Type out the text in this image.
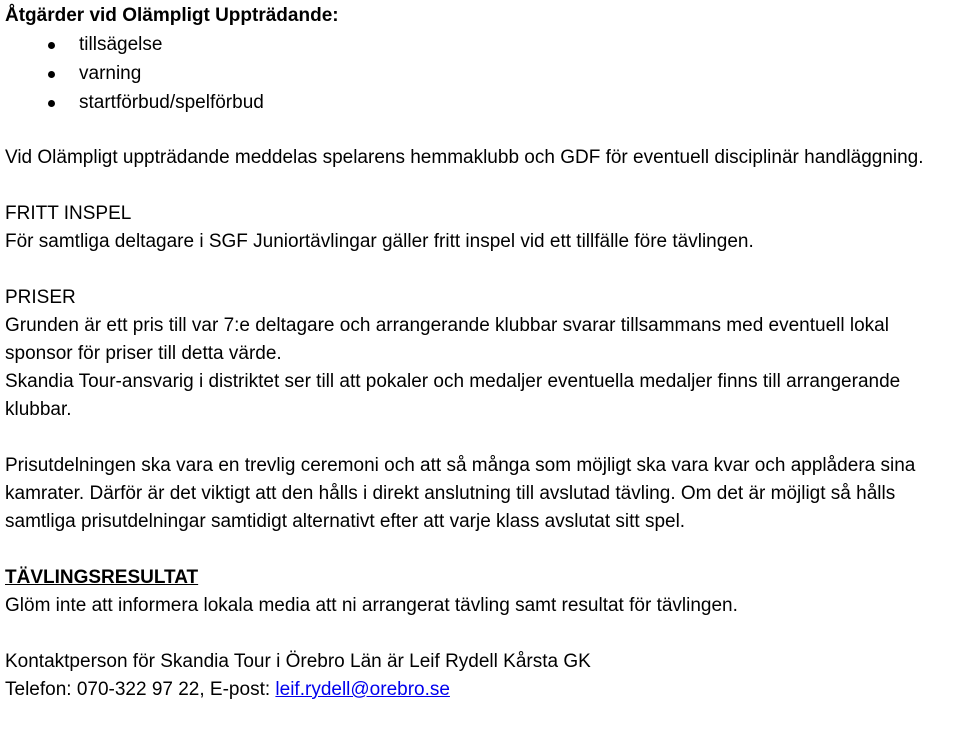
Åtgärder vid Olämpligt Uppträdande:

tillsägelse
varning
startförbud/spelförbud

Vid Olämpligt uppträdande meddelas spelarens hemmaklubb och GDF för eventuell disciplinär handläggning.

FRITT INSPEL

För samtliga deltagare i SGF Juniortävlingar gäller fritt inspel vid ett tillfälle före tävlingen.

PRISER

Grunden är ett pris till var 7:e deltagare och arrangerande klubbar svarar tillsammans med eventuell lokal sponsor för priser till detta värde.

Skandia Tour-ansvarig i distriktet ser till att pokaler och medaljer eventuella medaljer finns till arrangerande klubbar.

Prisutdelningen ska vara en trevlig ceremoni och att så många som möjligt ska vara kvar och applådera sina kamrater. Därför är det viktigt att den hålls i direkt anslutning till avslutad tävling. Om det är möjligt så hålls samtliga prisutdelningar samtidigt alternativt efter att varje klass avslutat sitt spel.

TÄVLINGSRESULTAT

Glöm inte att informera lokala media att ni arrangerat tävling samt resultat för tävlingen.

Kontaktperson för Skandia Tour i Örebro Län är Leif Rydell Kårsta GK

Telefon: 070-322 97 22, E-post: leif.rydell@orebro.se
